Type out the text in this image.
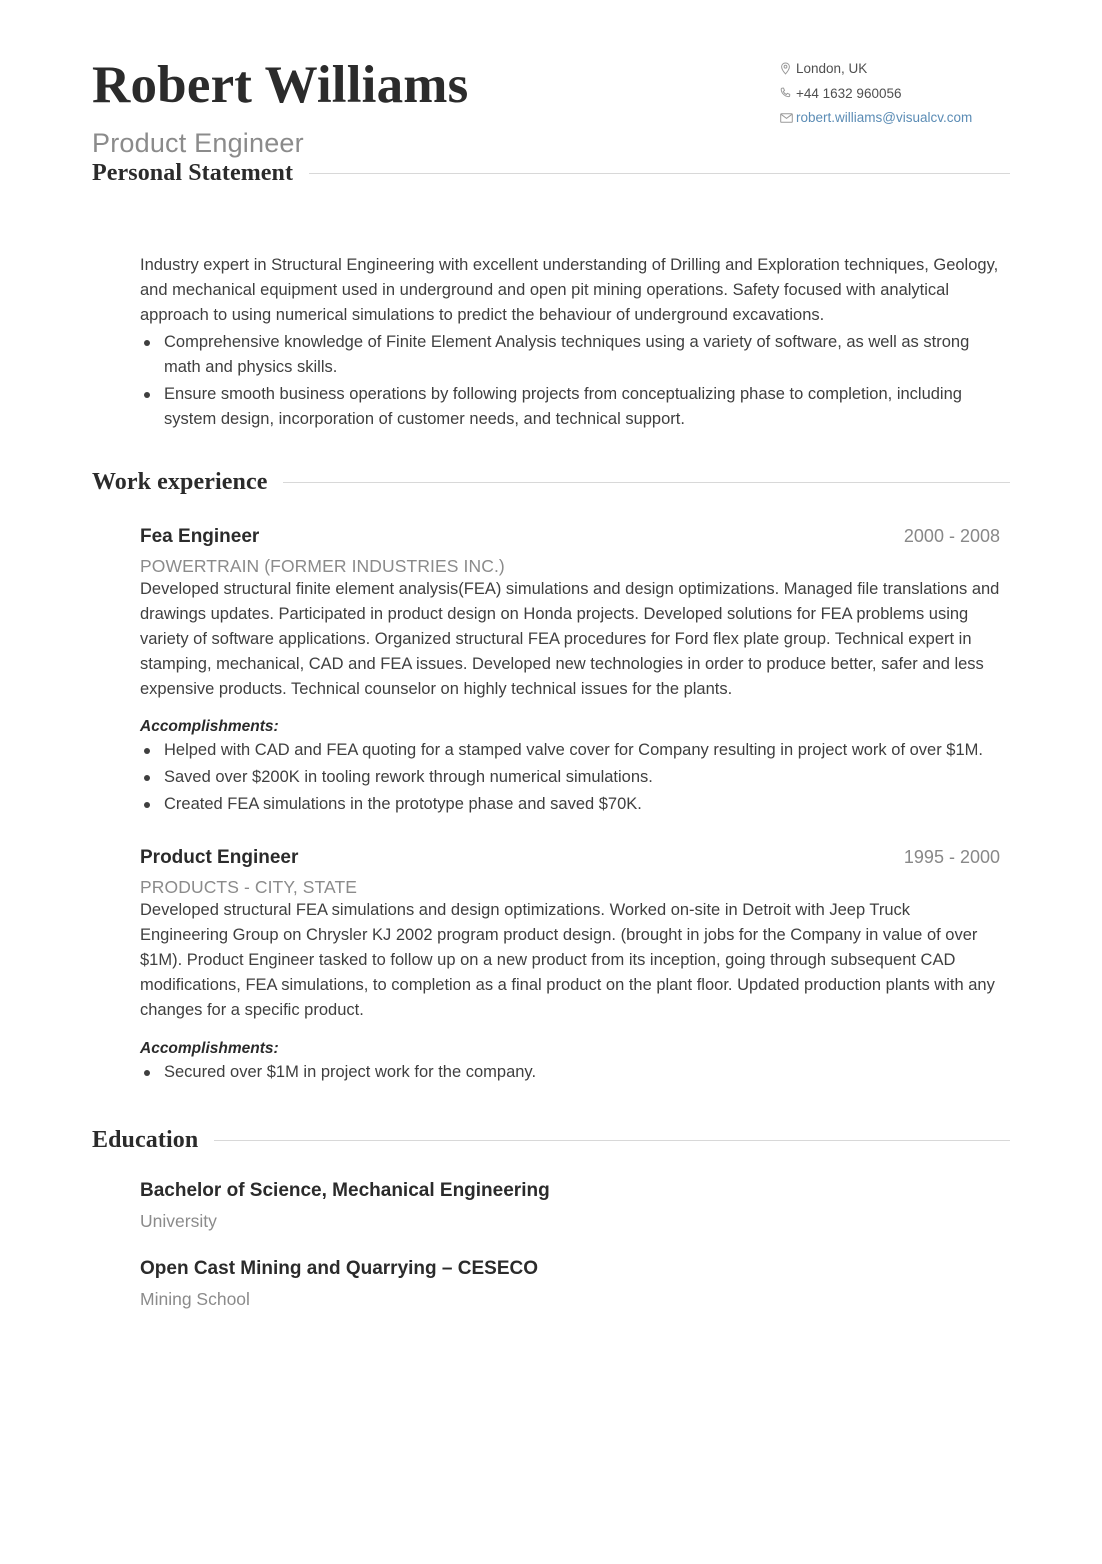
Robert Williams
Product Engineer
London, UK
+44 1632 960056
robert.williams@visualcv.com
Personal Statement

Industry expert in Structural Engineering with excellent understanding of Drilling and Exploration techniques, Geology, and mechanical equipment used in underground and open pit mining operations. Safety focused with analytical approach to using numerical simulations to predict the behaviour of underground excavations.

Comprehensive knowledge of Finite Element Analysis techniques using a variety of software, as well as strong math and physics skills.
Ensure smooth business operations by following projects from conceptualizing phase to completion, including system design, incorporation of customer needs, and technical support.
Work experience
Fea Engineer	2000 - 2008
POWERTRAIN (FORMER INDUSTRIES INC.)

Developed structural finite element analysis(FEA) simulations and design optimizations. Managed file translations and drawings updates. Participated in product design on Honda projects. Developed solutions for FEA problems using variety of software applications. Organized structural FEA procedures for Ford flex plate group. Technical expert in stamping, mechanical, CAD and FEA issues. Developed new technologies in order to produce better, safer and less expensive products. Technical counselor on highly technical issues for the plants.

Accomplishments:
Helped with CAD and FEA quoting for a stamped valve cover for Company resulting in project work of over $1M.
Saved over $200K in tooling rework through numerical simulations.
Created FEA simulations in the prototype phase and saved $70K.
Product Engineer	1995 - 2000
PRODUCTS - CITY, STATE

Developed structural FEA simulations and design optimizations. Worked on-site in Detroit with Jeep Truck Engineering Group on Chrysler KJ 2002 program product design. (brought in jobs for the Company in value of over $1M). Product Engineer tasked to follow up on a new product from its inception, going through subsequent CAD modifications, FEA simulations, to completion as a final product on the plant floor. Updated production plants with any changes for a specific product.

Accomplishments:
Secured over $1M in project work for the company.
Education
Bachelor of Science, Mechanical Engineering
University
Open Cast Mining and Quarrying – CESECO
Mining School
